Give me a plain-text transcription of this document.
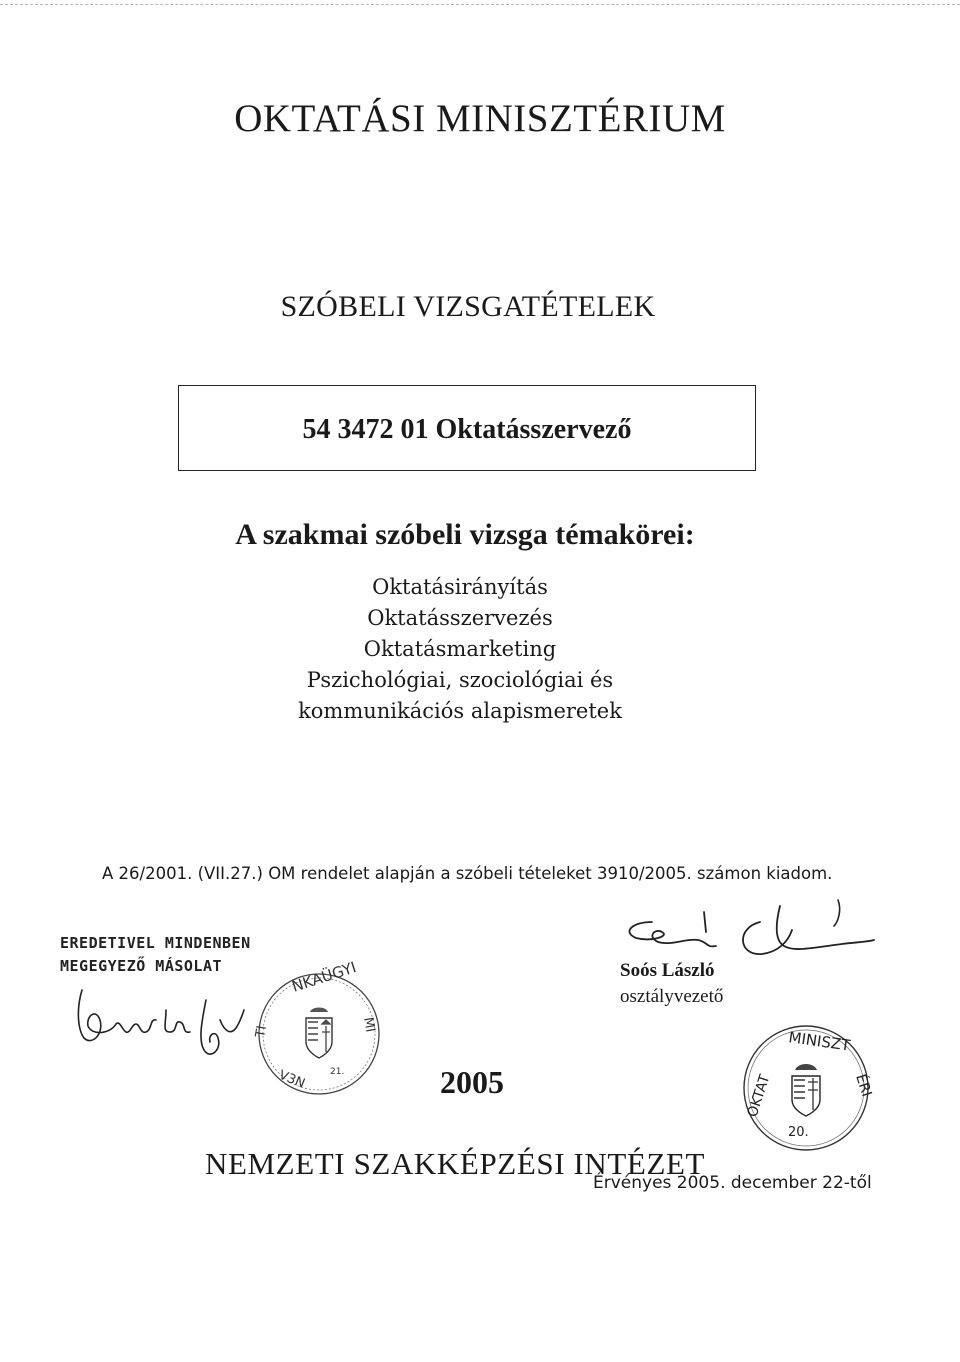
OKTATÁSI MINISZTÉRIUM
SZÓBELI VIZSGATÉTELEK
54 3472 01 Oktatásszervező
A szakmai szóbeli vizsga témakörei:
Oktatásirányítás
Oktatásszervezés
Oktatásmarketing
Pszichológiai, szociológiai és
kommunikációs alapismeretek
A 26/2001. (VII.27.) OM rendelet alapján a szóbeli tételeket 3910/2005. számon kiadom.
EREDETIVEL MINDENBEN
MEGEGYEZŐ MÁSOLAT	NKAÜGYI
TI	MI
V3N	21.
Soós László
osztályvezető
MINISZT
OKTAT	ÉRI
20.
2005
NEMZETI SZAKKÉPZÉSI INTÉZET
Érvényes 2005. december 22-től
